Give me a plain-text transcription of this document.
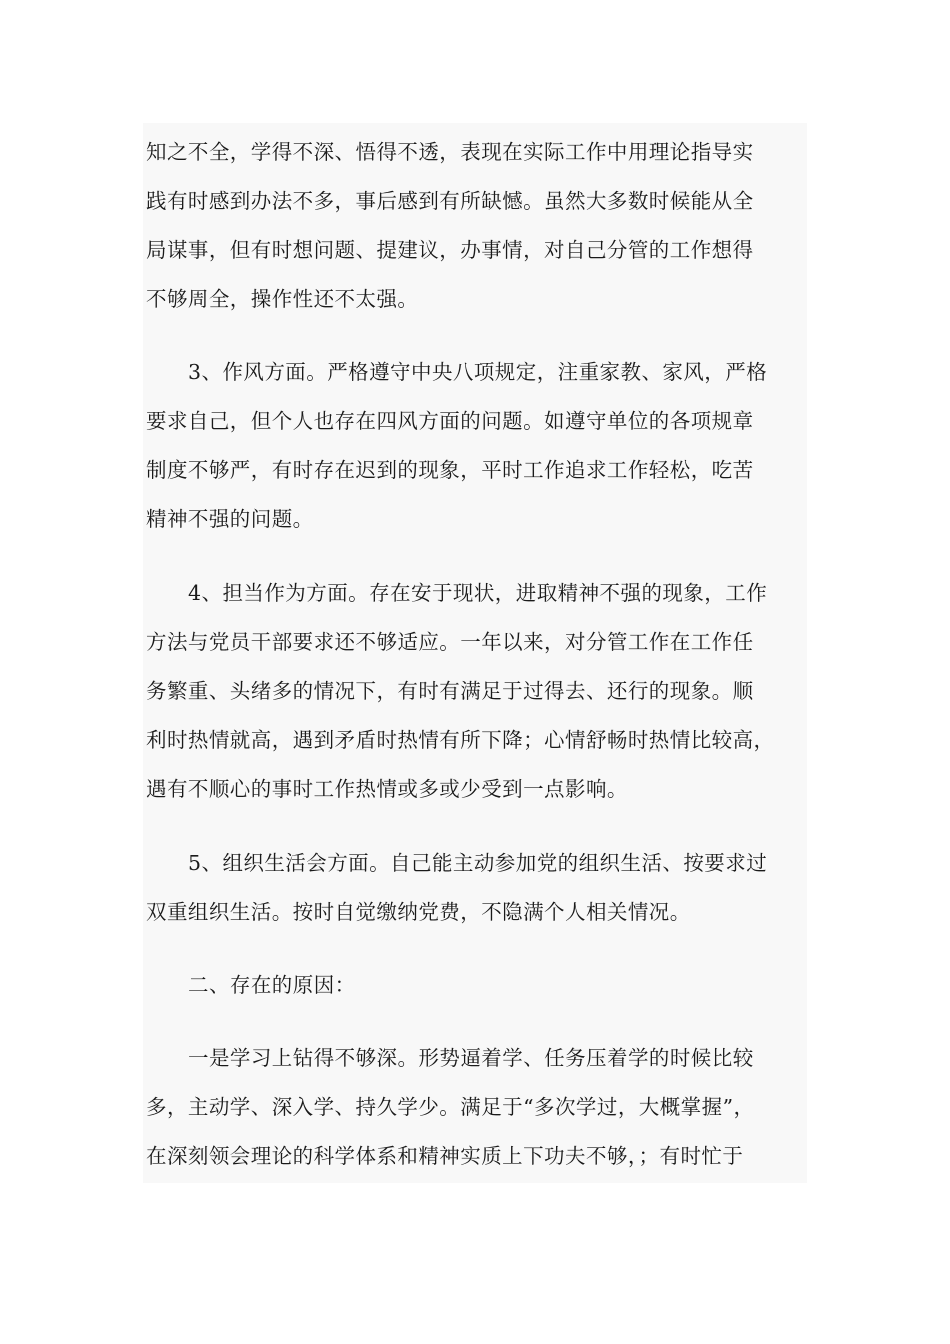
知之不全，学得不深、悟得不透，表现在实际工作中用理论指导实
践有时感到办法不多，事后感到有所缺憾。虽然大多数时候能从全
局谋事，但有时想问题、提建议，办事情，对自己分管的工作想得
不够周全，操作性还不太强。
3、作风方面。严格遵守中央八项规定，注重家教、家风，严格
要求自己，但个人也存在四风方面的问题。如遵守单位的各项规章
制度不够严，有时存在迟到的现象，平时工作追求工作轻松，吃苦
精神不强的问题。
4、担当作为方面。存在安于现状，进取精神不强的现象，工作
方法与党员干部要求还不够适应。一年以来，对分管工作在工作任
务繁重、头绪多的情况下，有时有满足于过得去、还行的现象。顺
利时热情就高，遇到矛盾时热情有所下降；心情舒畅时热情比较高，
遇有不顺心的事时工作热情或多或少受到一点影响。
5、组织生活会方面。自己能主动参加党的组织生活、按要求过
双重组织生活。按时自觉缴纳党费，不隐满个人相关情况。
二、存在的原因：
一是学习上钻得不够深。形势逼着学、任务压着学的时候比较
多，主动学、深入学、持久学少。满足于“多次学过，大概掌握”，
在深刻领会理论的科学体系和精神实质上下功夫不够，；有时忙于
